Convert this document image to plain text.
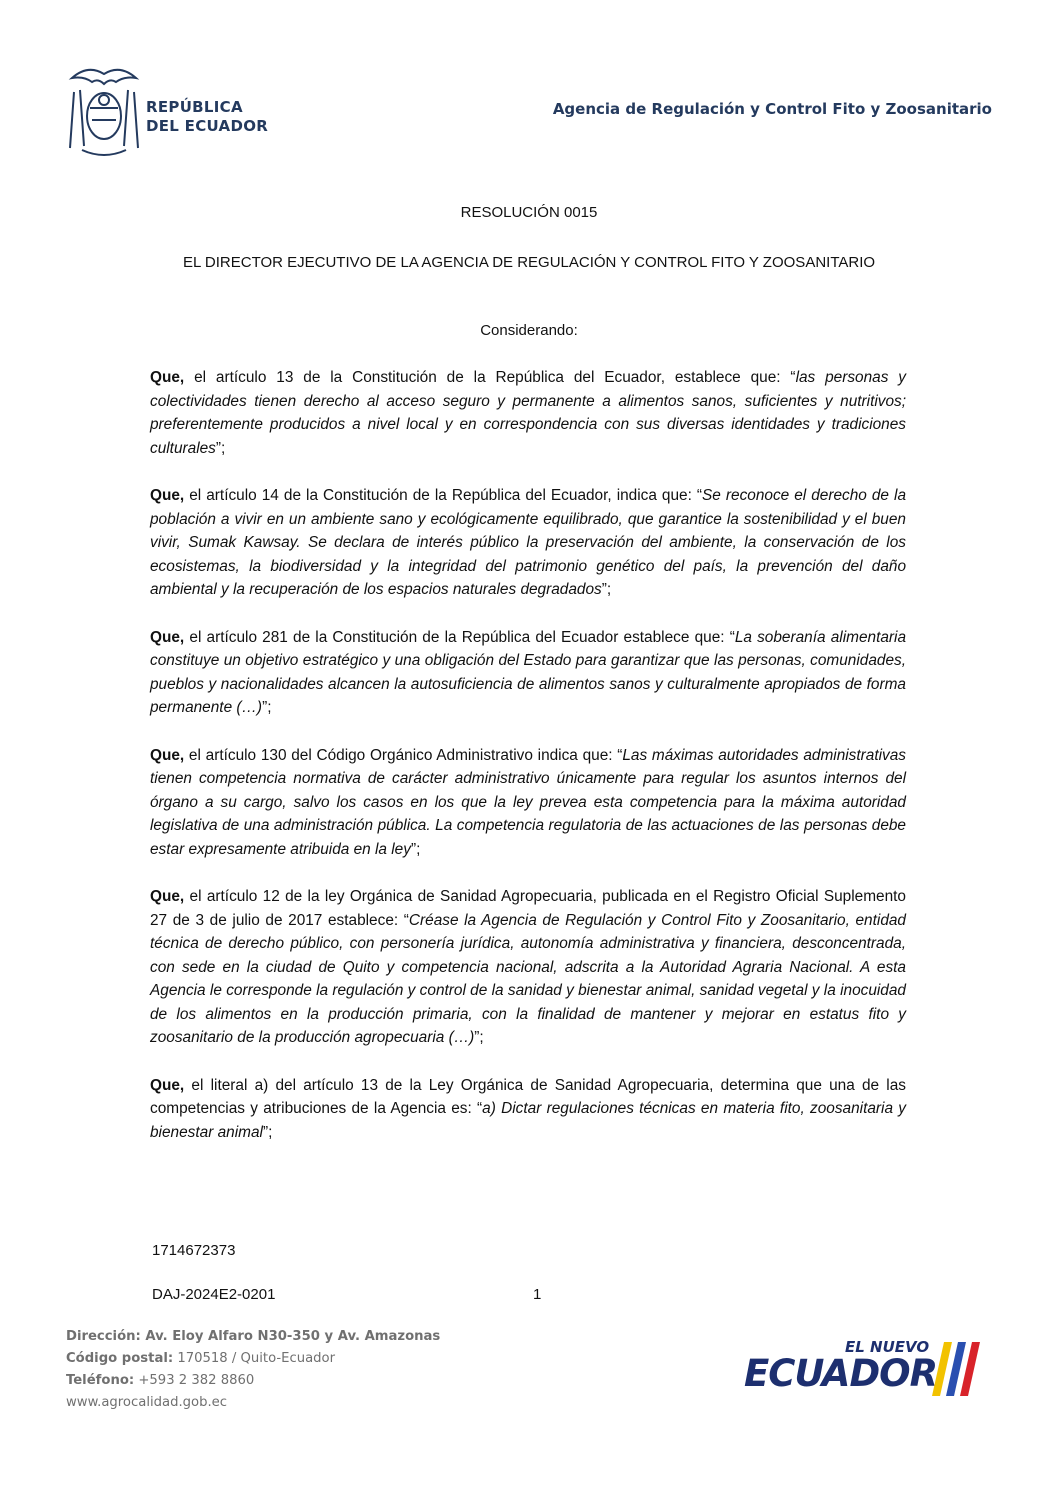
REPÚBLICA
DEL ECUADOR
Agencia de Regulación y Control Fito y Zoosanitario
RESOLUCIÓN 0015
EL DIRECTOR EJECUTIVO DE LA AGENCIA DE REGULACIÓN Y CONTROL FITO Y ZOOSANITARIO
Considerando:

Que, el artículo 13 de la Constitución de la República del Ecuador, establece que: “las personas y colectividades tienen derecho al acceso seguro y permanente a alimentos sanos, suficientes y nutritivos; preferentemente producidos a nivel local y en correspondencia con sus diversas identidades y tradiciones culturales”;

Que, el artículo 14 de la Constitución de la República del Ecuador, indica que: “Se reconoce el derecho de la población a vivir en un ambiente sano y ecológicamente equilibrado, que garantice la sostenibilidad y el buen vivir, Sumak Kawsay. Se declara de interés público la preservación del ambiente, la conservación de los ecosistemas, la biodiversidad y la integridad del patrimonio genético del país, la prevención del daño ambiental y la recuperación de los espacios naturales degradados”;

Que, el artículo 281 de la Constitución de la República del Ecuador establece que: “La soberanía alimentaria constituye un objetivo estratégico y una obligación del Estado para garantizar que las personas, comunidades, pueblos y nacionalidades alcancen la autosuficiencia de alimentos sanos y culturalmente apropiados de forma permanente (…)”;

Que, el artículo 130 del Código Orgánico Administrativo indica que: “Las máximas autoridades administrativas tienen competencia normativa de carácter administrativo únicamente para regular los asuntos internos del órgano a su cargo, salvo los casos en los que la ley prevea esta competencia para la máxima autoridad legislativa de una administración pública. La competencia regulatoria de las actuaciones de las personas debe estar expresamente atribuida en la ley”;

Que, el artículo 12 de la ley Orgánica de Sanidad Agropecuaria, publicada en el Registro Oficial Suplemento 27 de 3 de julio de 2017 establece: “Créase la Agencia de Regulación y Control Fito y Zoosanitario, entidad técnica de derecho público, con personería jurídica, autonomía administrativa y financiera, desconcentrada, con sede en la ciudad de Quito y competencia nacional, adscrita a la Autoridad Agraria Nacional. A esta Agencia le corresponde la regulación y control de la sanidad y bienestar animal, sanidad vegetal y la inocuidad de los alimentos en la producción primaria, con la finalidad de mantener y mejorar en estatus fito y zoosanitario de la producción agropecuaria (…)”;

Que, el literal a) del artículo 13 de la Ley Orgánica de Sanidad Agropecuaria, determina que una de las competencias y atribuciones de la Agencia es: “a) Dictar regulaciones técnicas en materia fito, zoosanitaria y bienestar animal”;

1714672373
DAJ-2024E2-0201	1
Dirección: Av. Eloy Alfaro N30-350 y Av. Amazonas
Código postal: 170518 / Quito-Ecuador
Teléfono: +593 2 382 8860
www.agrocalidad.gob.ec
EL NUEVO
ECUADOR
